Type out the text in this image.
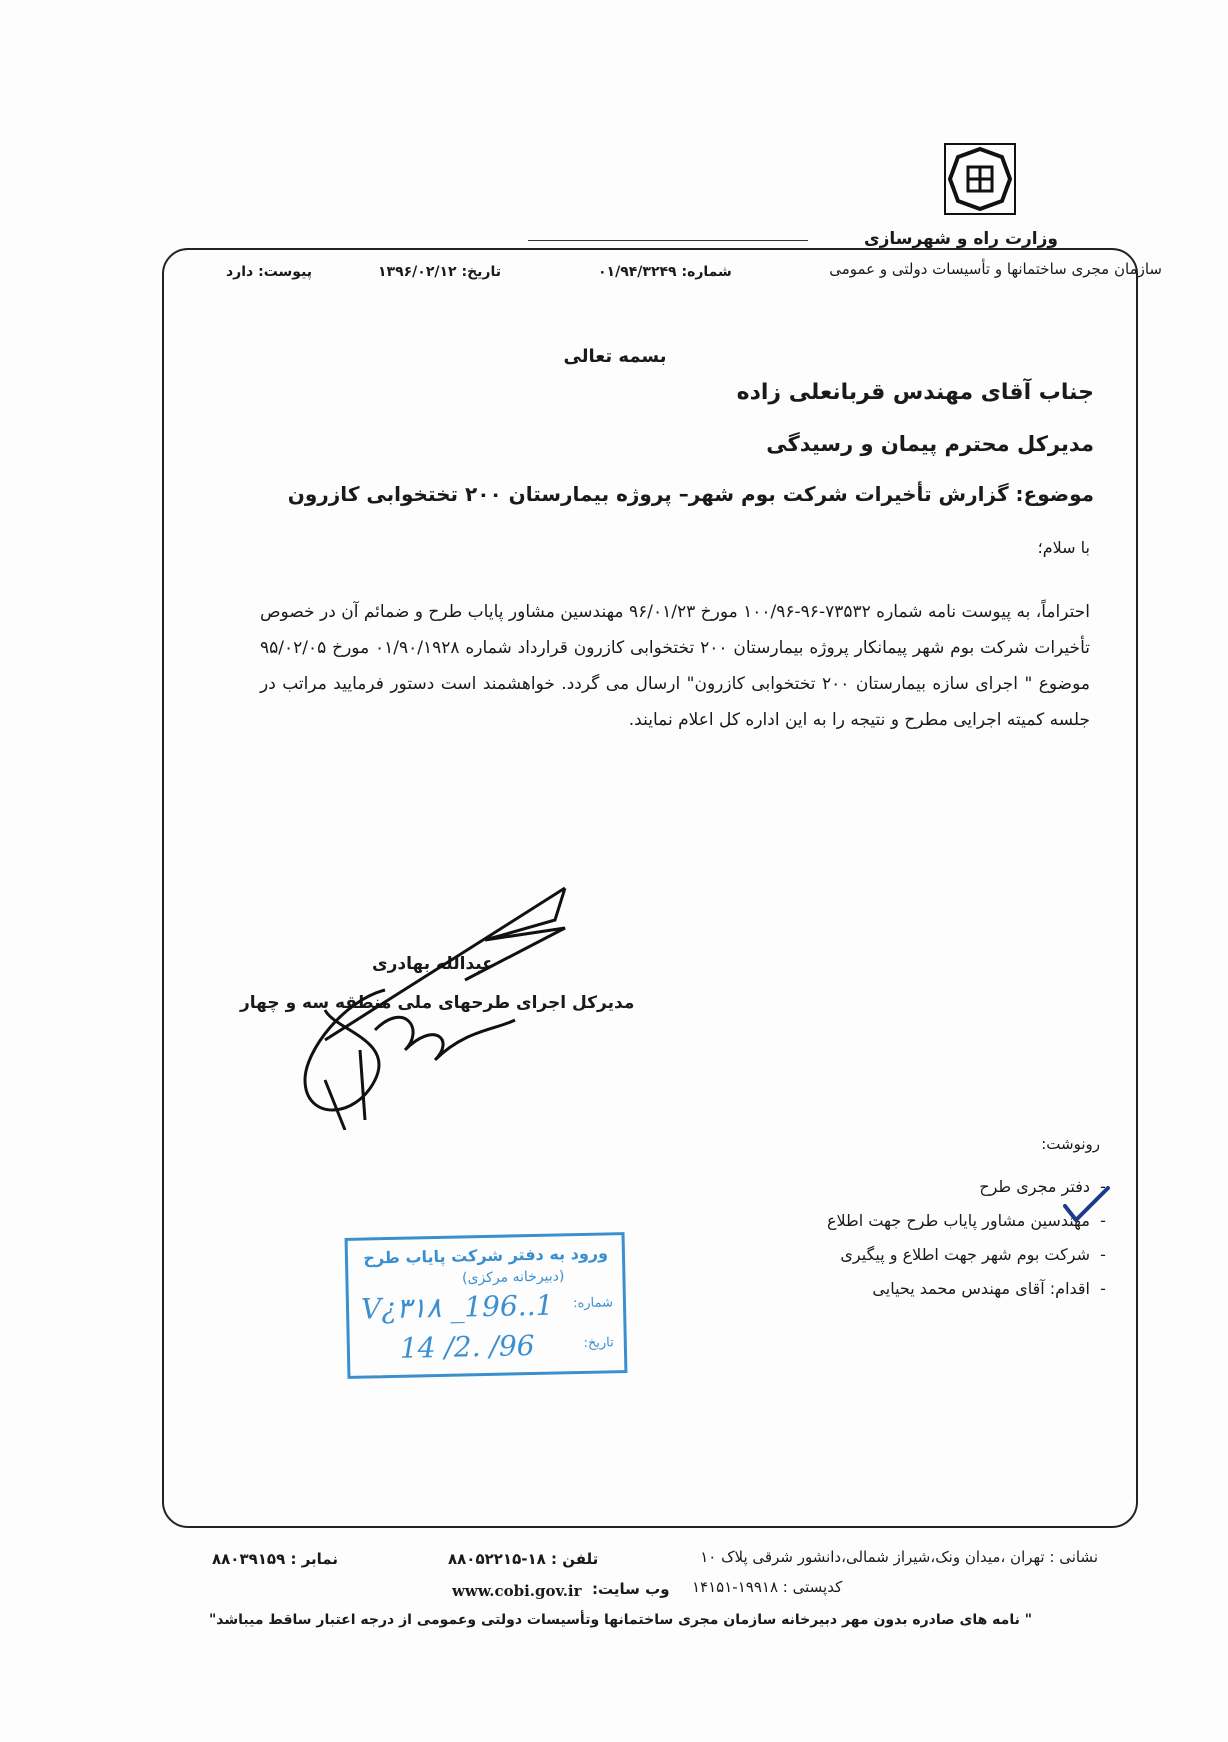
وزارت راه و شهرسازی
سازمان مجری ساختمانها و تأسیسات دولتی و عمومی
شماره: ۰۱/۹۴/۳۲۴۹
تاریخ: ۱۳۹۶/۰۲/۱۲
پیوست: دارد
بسمه تعالی
جناب آقای مهندس قربانعلی زاده
مدیرکل محترم پیمان و رسیدگی
موضوع: گزارش تأخیرات شرکت بوم شهر– پروژه بیمارستان ۲۰۰ تختخوابی کازرون
با سلام؛
احتراماً، به پیوست نامه شماره ۷۳۵۳۲-۹۶-۱۰۰/۹۶ مورخ ۹۶/۰۱/۲۳ مهندسین مشاور پایاب طرح و ضمائم آن در خصوص تأخیرات شرکت بوم شهر پیمانکار پروژه بیمارستان ۲۰۰ تختخوابی کازرون قرارداد شماره ۰۱/۹۰/۱۹۲۸ مورخ ۹۵/۰۲/۰۵ موضوع " اجرای سازه بیمارستان ۲۰۰ تختخوابی کازرون" ارسال می گردد. خواهشمند است دستور فرمایید مراتب در جلسه کمیته اجرایی مطرح و نتیجه را به این اداره کل اعلام نمایند.
عبدالله بهادری
مدیرکل اجرای طرحهای ملی منطقه سه و چهار
رونوشت:
-دفتر مجری طرح
-مهندسین مشاور پایاب طرح جهت اطلاع
-شرکت بوم شهر جهت اطلاع و پیگیری
-اقدام: آقای مهندس محمد یحیایی
ورود به دفتر شرکت پایاب طرح
(دبیرخانه مرکزی)
شماره:
1..196_ V¿۳۱۸
تاریخ:
96/ .2/ 14
نشانی : تهران ،میدان ونک،شیراز شمالی،دانشور شرقی پلاک ۱۰
تلفن : ۱۸-۸۸۰۵۲۲۱۵
نمابر : ۸۸۰۳۹۱۵۹
کدپستی : ۱۹۹۱۸-۱۴۱۵۱
وب سایت:
www.cobi.gov.ir
" نامه های صادره بدون مهر دبیرخانه سازمان مجری ساختمانها وتأسیسات دولتی وعمومی از درجه اعتبار ساقط میباشد"
